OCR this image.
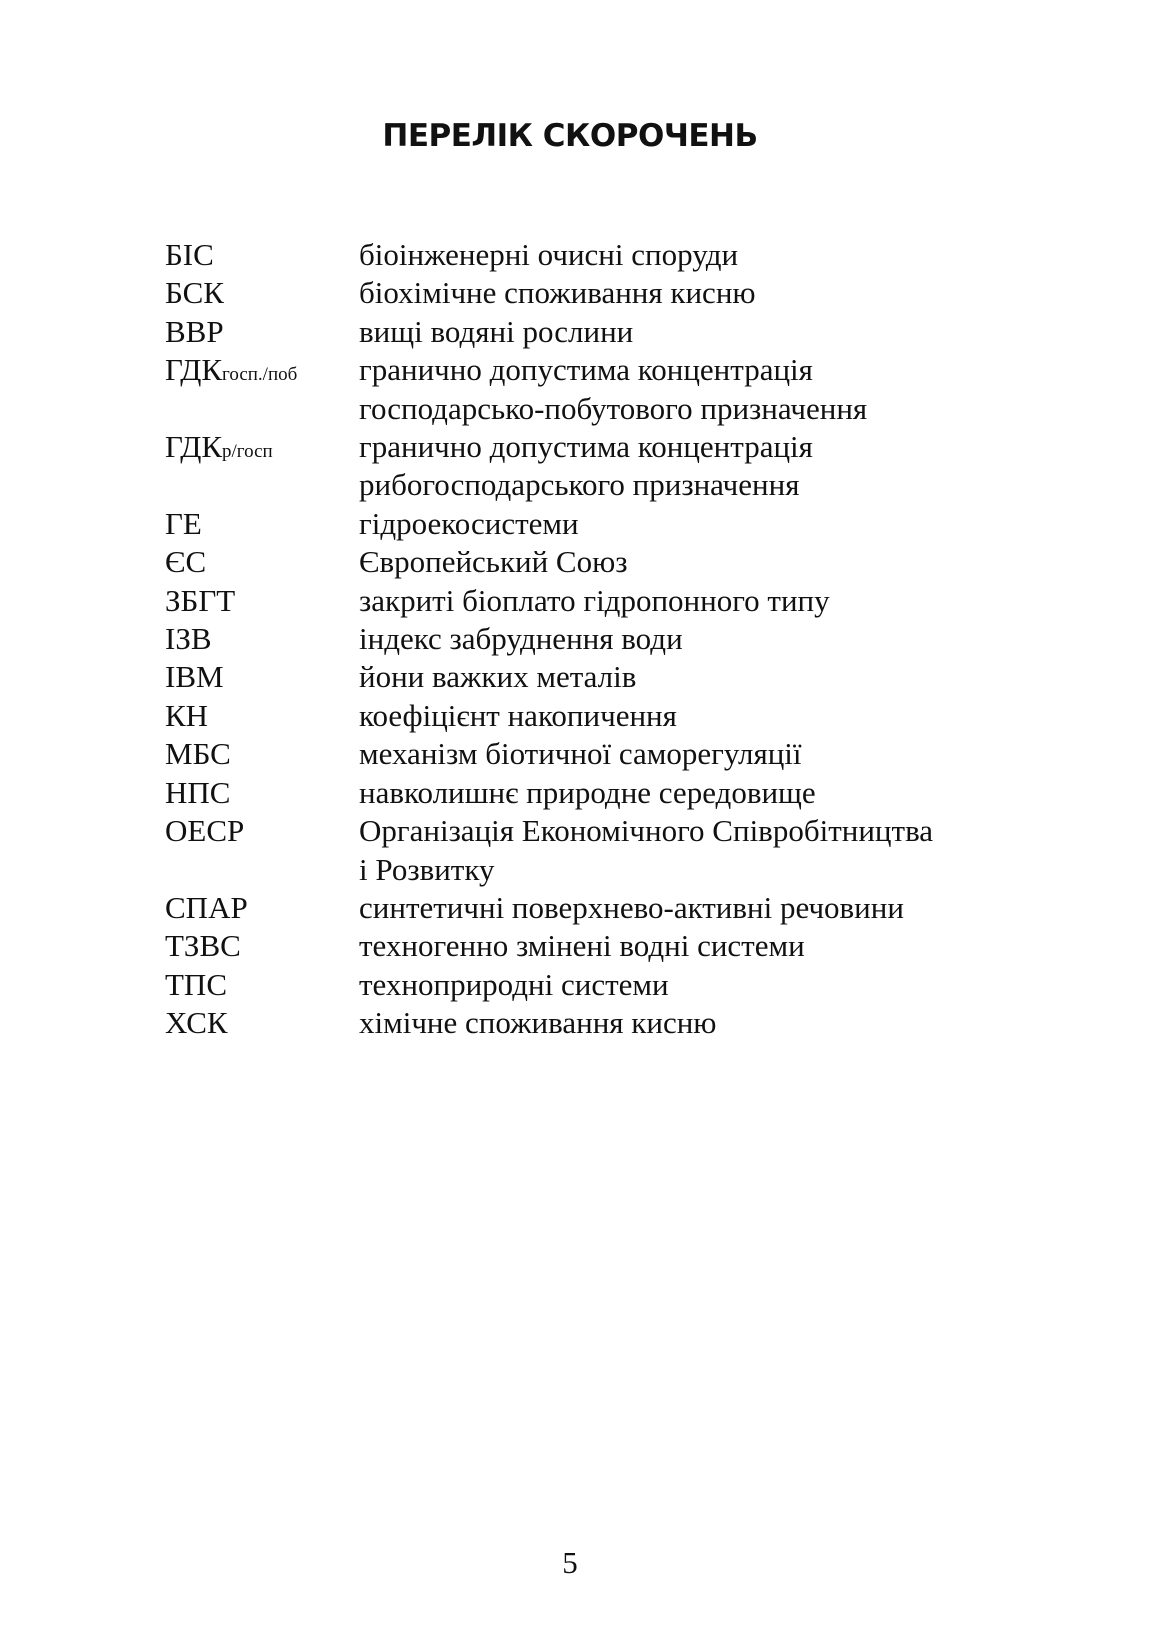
ПЕРЕЛІК СКОРОЧЕНЬ
БІС	біоінженерні очисні споруди
БСК	біохімічне споживання кисню
ВВР	вищі водяні рослини
ГДКгосп./поб	гранично допустима концентрація
господарсько-побутового призначення
ГДКр/госп	гранично допустима концентрація
рибогосподарського призначення
ГЕ	гідроекосистеми
ЄС	Європейський Союз
ЗБГТ	закриті біоплато гідропонного типу
ІЗВ	індекс забруднення води
ІВМ	йони важких металів
КН	коефіцієнт накопичення
МБС	механізм біотичної саморегуляції
НПС	навколишнє природне середовище
ОЕСР	Організація Економічного Співробітництва
і Розвитку
СПАР	синтетичні поверхнево-активні речовини
ТЗВС	техногенно змінені водні системи
ТПС	техноприродні системи
ХСК	хімічне споживання кисню
5
